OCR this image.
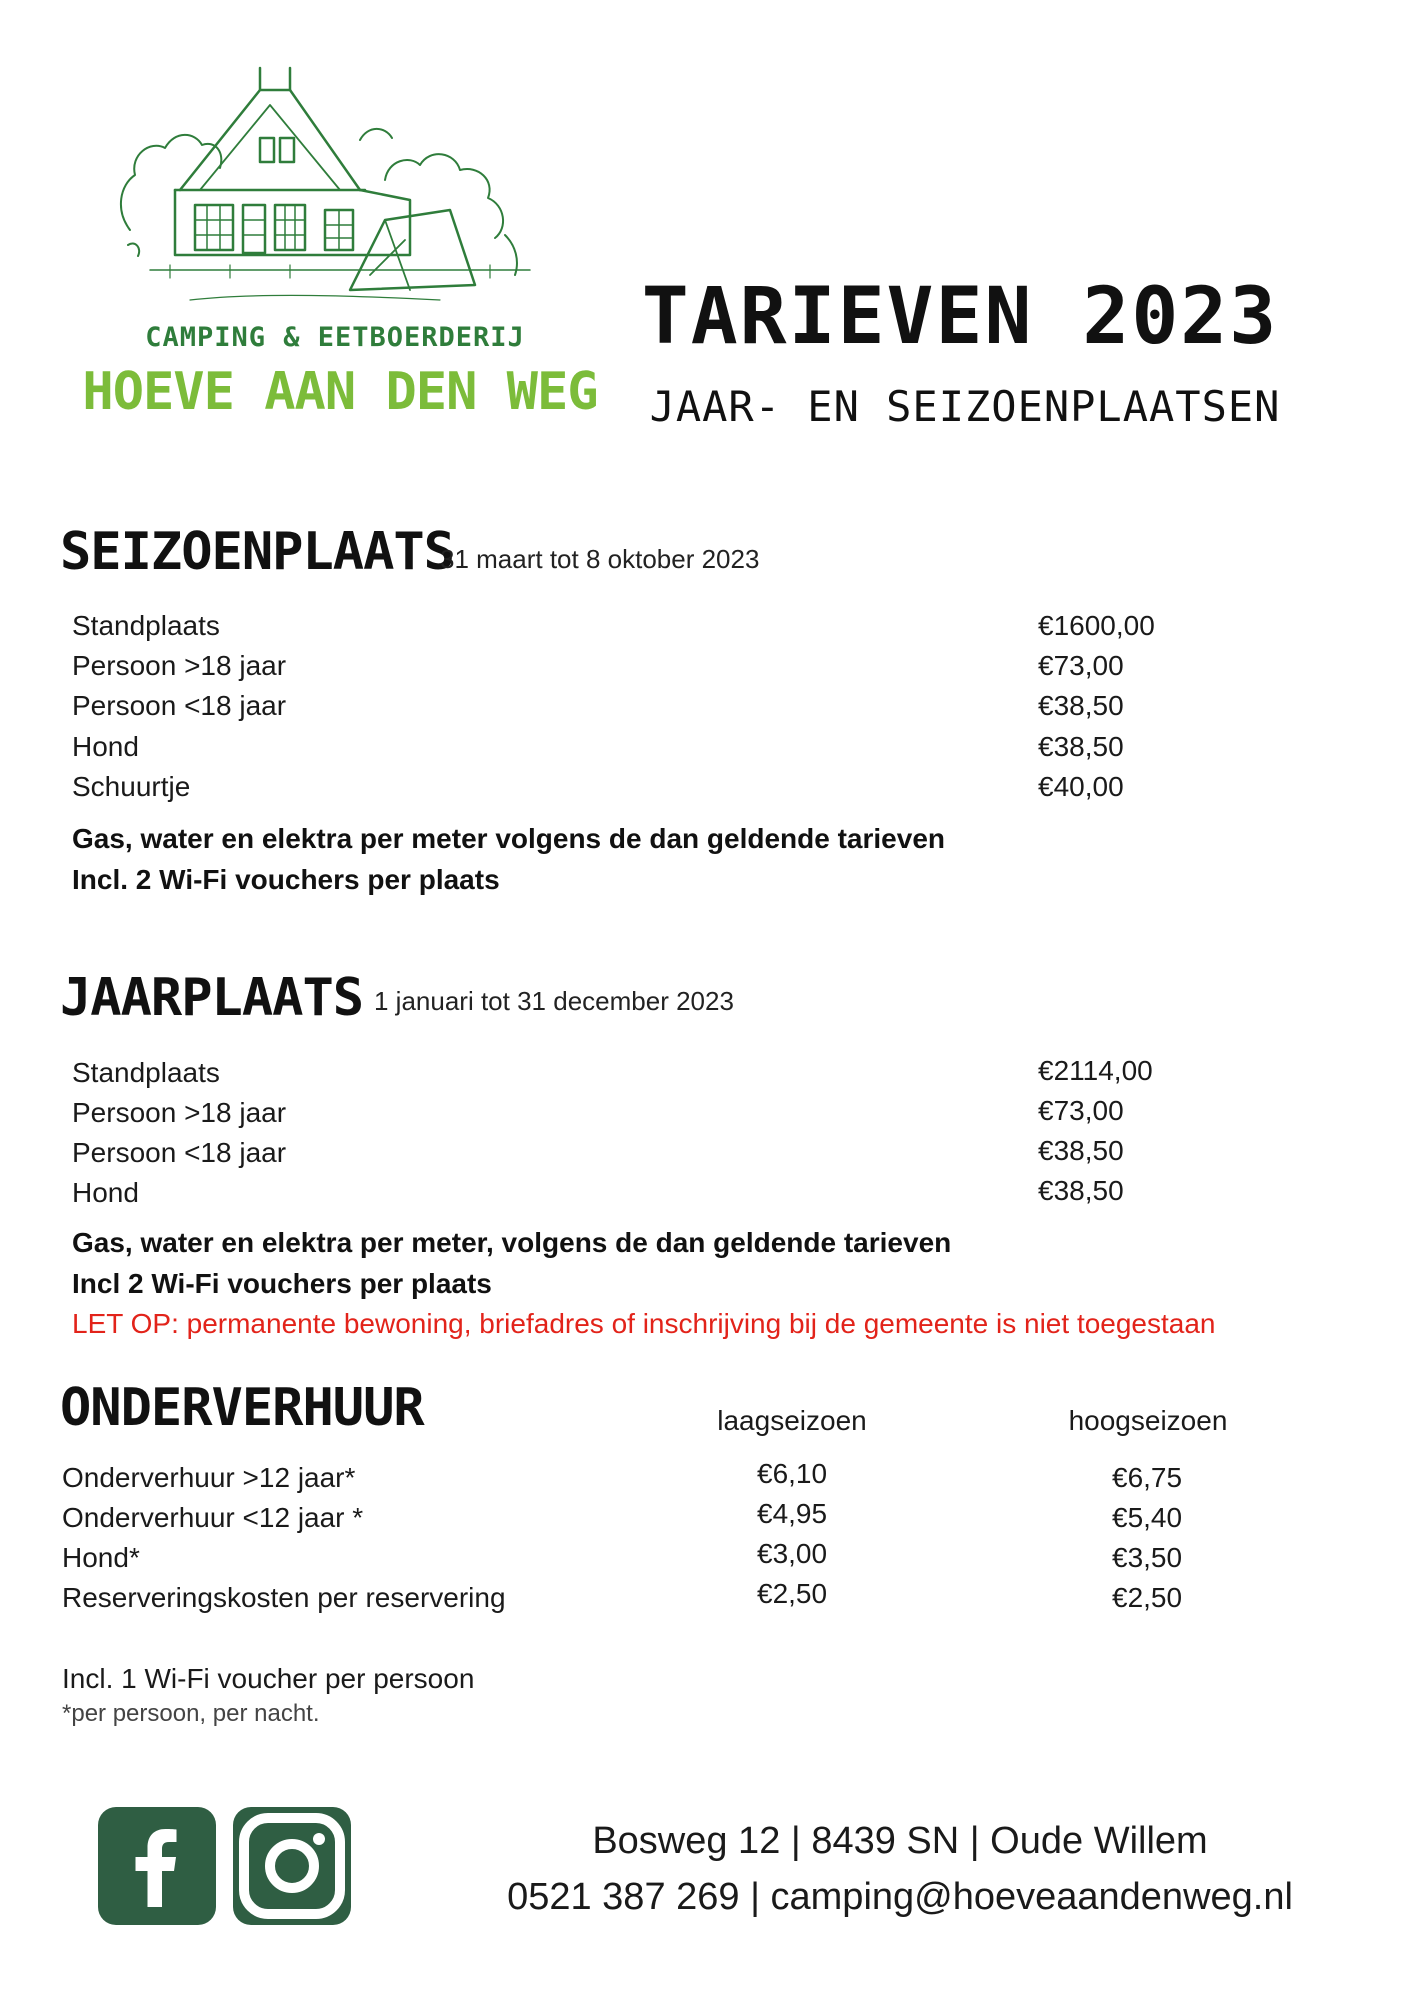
CAMPING & EETBOERDERIJ
HOEVE AAN DEN WEG
TARIEVEN 2023
JAAR- EN SEIZOENPLAATSEN
SEIZOENPLAATS
31 maart tot 8 oktober 2023
Standplaats	€1600,00
Persoon >18 jaar	€73,00
Persoon <18 jaar	€38,50
Hond	€38,50
Schuurtje	€40,00
Gas, water en elektra per meter volgens de dan geldende tarieven
Incl. 2 Wi-Fi vouchers per plaats
JAARPLAATS 1 januari tot 31 december 2023
Standplaats	€2114,00
Persoon >18 jaar	€73,00
Persoon <18 jaar	€38,50
Hond	€38,50
Gas, water en elektra per meter, volgens de dan geldende tarieven
Incl 2 Wi-Fi vouchers per plaats
LET OP: permanente bewoning, briefadres of inschrijving bij de gemeente is niet toegestaan
ONDERVERHUUR	laagseizoen	hoogseizoen
Onderverhuur >12 jaar*	€6,10	€6,75
Onderverhuur <12 jaar *	€4,95	€5,40
Hond*	€3,00	€3,50
Reserveringskosten per reservering	€2,50	€2,50
Incl. 1 Wi-Fi voucher per persoon
*per persoon, per nacht.
Bosweg 12 | 8439 SN | Oude Willem
0521 387 269 | camping@hoeveaandenweg.nl
